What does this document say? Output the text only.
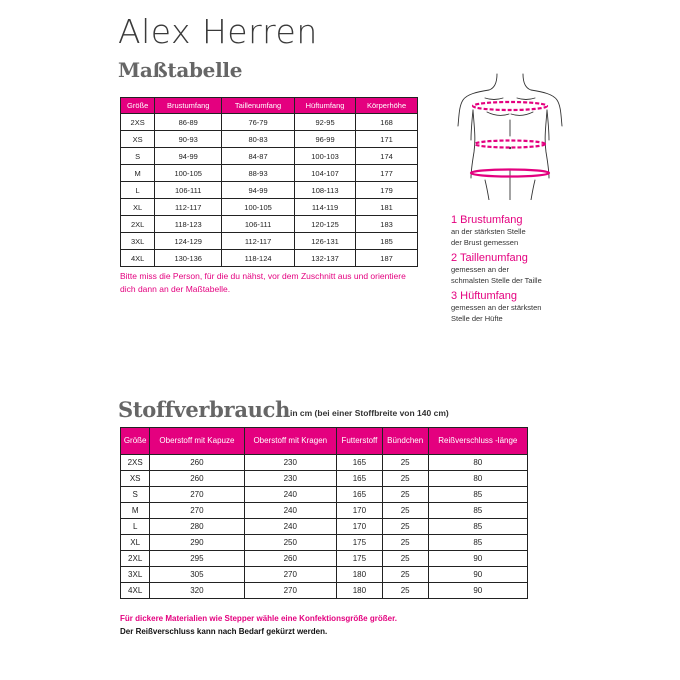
Alex Herren
Maßtabelle
Größe	Brustumfang	Taillenumfang	Hüftumfang	Körperhöhe
2XS	86-89	76-79	92-95	168
XS	90-93	80-83	96-99	171
S	94-99	84-87	100-103	174
M	100-105	88-93	104-107	177
L	106-111	94-99	108-113	179
XL	112-117	100-105	114-119	181
2XL	118-123	106-111	120-125	183
3XL	124-129	112-117	126-131	185
4XL	130-136	118-124	132-137	187
Bitte miss die Person, für die du nähst, vor dem Zuschnitt aus und orientiere dich dann an der Maßtabelle.
1 Brustumfang
an der stärksten Stelle
der Brust gemessen
2 Taillenumfang
gemessen an der
schmalsten Stelle der Taille
3 Hüftumfang
gemessen an der stärksten
Stelle der Hüfte
Stoffverbrauch in cm (bei einer Stoffbreite von 140 cm)
Größe	Oberstoff mit Kapuze	Oberstoff mit Kragen	Futterstoff	Bündchen	Reißverschluss -länge
2XS	260	230	165	25	80
XS	260	230	165	25	80
S	270	240	165	25	85
M	270	240	170	25	85
L	280	240	170	25	85
XL	290	250	175	25	85
2XL	295	260	175	25	90
3XL	305	270	180	25	90
4XL	320	270	180	25	90
Für dickere Materialien wie Stepper wähle eine Konfektionsgröße größer.
Der Reißverschluss kann nach Bedarf gekürzt werden.
